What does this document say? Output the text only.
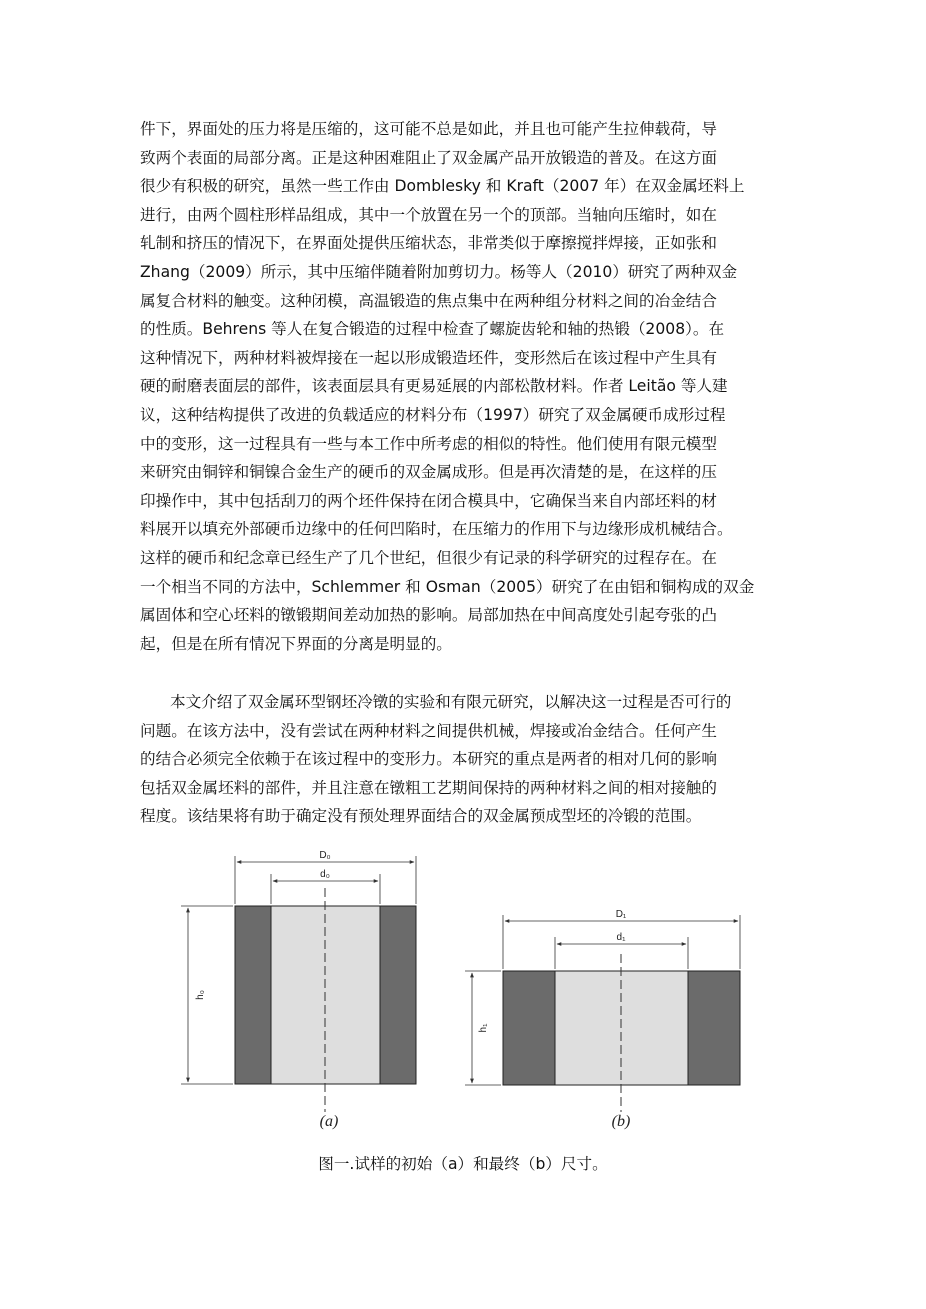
件下，界面处的压力将是压缩的，这可能不总是如此，并且也可能产生拉伸载荷，导
致两个表面的局部分离。正是这种困难阻止了双金属产品开放锻造的普及。在这方面
很少有积极的研究，虽然一些工作由 Domblesky 和 Kraft（2007 年）在双金属坯料上
进行，由两个圆柱形样品组成，其中一个放置在另一个的顶部。当轴向压缩时，如在
轧制和挤压的情况下，在界面处提供压缩状态，非常类似于摩擦搅拌焊接，正如张和
Zhang（2009）所示，其中压缩伴随着附加剪切力。杨等人（2010）研究了两种双金
属复合材料的触变。这种闭模，高温锻造的焦点集中在两种组分材料之间的冶金结合
的性质。Behrens 等人在复合锻造的过程中检查了螺旋齿轮和轴的热锻（2008）。在
这种情况下，两种材料被焊接在一起以形成锻造坯件，变形然后在该过程中产生具有
硬的耐磨表面层的部件，该表面层具有更易延展的内部松散材料。作者 Leitão 等人建
议，这种结构提供了改进的负载适应的材料分布（1997）研究了双金属硬币成形过程
中的变形，这一过程具有一些与本工作中所考虑的相似的特性。他们使用有限元模型
来研究由铜锌和铜镍合金生产的硬币的双金属成形。但是再次清楚的是，在这样的压
印操作中，其中包括刮刀的两个坯件保持在闭合模具中，它确保当来自内部坯料的材
料展开以填充外部硬币边缘中的任何凹陷时，在压缩力的作用下与边缘形成机械结合。
这样的硬币和纪念章已经生产了几个世纪，但很少有记录的科学研究的过程存在。在
一个相当不同的方法中，Schlemmer 和 Osman（2005）研究了在由铝和铜构成的双金
属固体和空心坯料的镦锻期间差动加热的影响。局部加热在中间高度处引起夸张的凸
起，但是在所有情况下界面的分离是明显的。
本文介绍了双金属环型钢坯冷镦的实验和有限元研究，以解决这一过程是否可行的
问题。在该方法中，没有尝试在两种材料之间提供机械，焊接或冶金结合。任何产生
的结合必须完全依赖于在该过程中的变形力。本研究的重点是两者的相对几何的影响
包括双金属坯料的部件，并且注意在镦粗工艺期间保持的两种材料之间的相对接触的
程度。该结果将有助于确定没有预处理界面结合的双金属预成型坯的冷锻的范围。
D₀
d₀
h₀
(a)
D₁
d₁
h₁
(b)
图一.试样的初始（a）和最终（b）尺寸。
